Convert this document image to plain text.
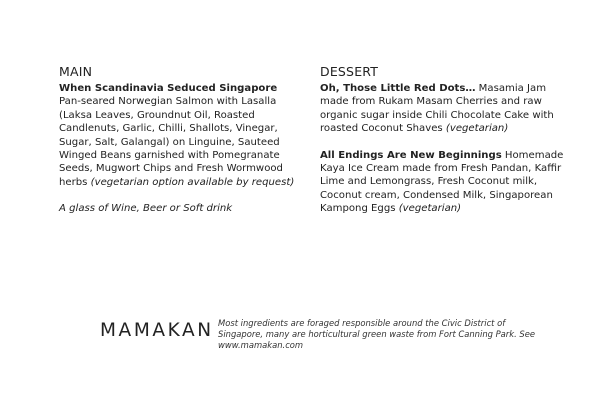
MAIN

When Scandinavia Seduced Singapore
Pan-seared Norwegian Salmon with Lasalla (Laksa Leaves, Groundnut Oil, Roasted Candlenuts, Garlic, Chilli, Shallots, Vinegar, Sugar, Salt, Galangal) on Linguine, Sauteed Winged Beans garnished with Pomegranate Seeds, Mugwort Chips and Fresh Wormwood herbs (vegetarian option available by request)

A glass of Wine, Beer or Soft drink

DESSERT

Oh, Those Little Red Dots… Masamia Jam made from Rukam Masam Cherries and raw organic sugar inside Chili Chocolate Cake with roasted Coconut Shaves (vegetarian)

All Endings Are New Beginnings Homemade Kaya Ice Cream made from Fresh Pandan, Kaffir Lime and Lemongrass, Fresh Coconut milk, Coconut cream, Condensed Milk, Singaporean Kampong Eggs (vegetarian)

MAMAKAN Most ingredients are foraged responsible around the Civic District of Singapore, many are horticultural green waste from Fort Canning Park. See www.mamakan.com
